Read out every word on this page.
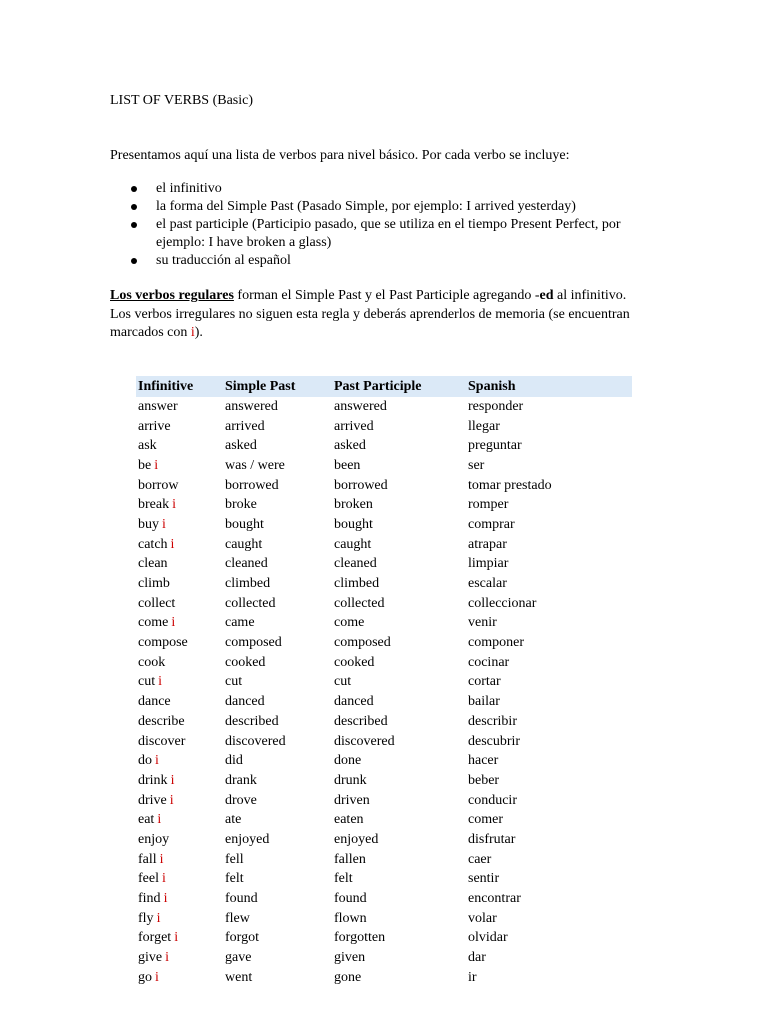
LIST OF VERBS (Basic)
Presentamos aquí una lista de verbos para nivel básico. Por cada verbo se incluye:
el infinitivo
la forma del Simple Past (Pasado Simple, por ejemplo: I arrived yesterday)
el past participle (Participio pasado, que se utiliza en el tiempo Present Perfect, por ejemplo: I have broken a glass)
su traducción al español
Los verbos regulares forman el Simple Past y el Past Participle agregando -ed al infinitivo. Los verbos irregulares no siguen esta regla y deberás aprenderlos de memoria (se encuentran marcados con i).
Infinitive	Simple Past	Past Participle	Spanish
answer	answered	answered	responder
arrive	arrived	arrived	llegar
ask	asked	asked	preguntar
be i	was / were	been	ser
borrow	borrowed	borrowed	tomar prestado
break i	broke	broken	romper
buy i	bought	bought	comprar
catch i	caught	caught	atrapar
clean	cleaned	cleaned	limpiar
climb	climbed	climbed	escalar
collect	collected	collected	colleccionar
come i	came	come	venir
compose	composed	composed	componer
cook	cooked	cooked	cocinar
cut i	cut	cut	cortar
dance	danced	danced	bailar
describe	described	described	describir
discover	discovered	discovered	descubrir
do i	did	done	hacer
drink i	drank	drunk	beber
drive i	drove	driven	conducir
eat i	ate	eaten	comer
enjoy	enjoyed	enjoyed	disfrutar
fall i	fell	fallen	caer
feel i	felt	felt	sentir
find i	found	found	encontrar
fly i	flew	flown	volar
forget i	forgot	forgotten	olvidar
give i	gave	given	dar
go i	went	gone	ir
